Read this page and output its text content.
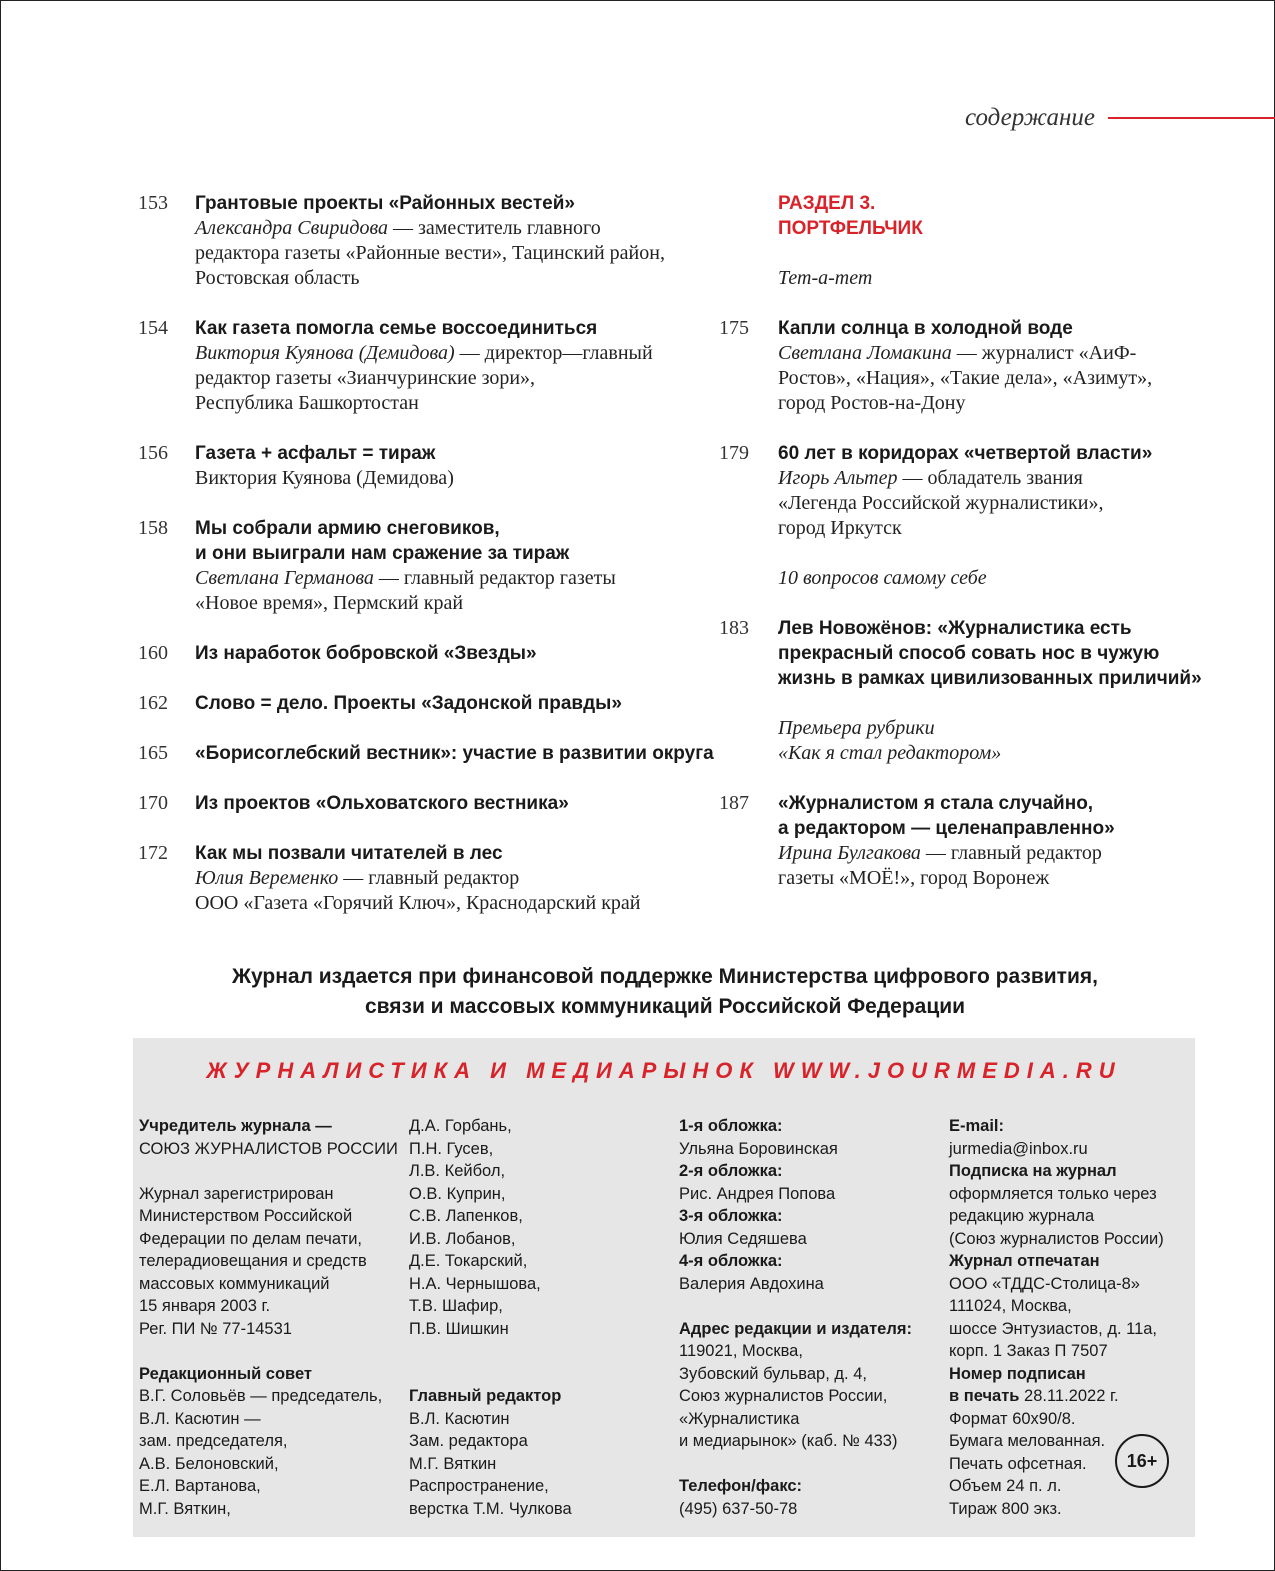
содержание
153 Грантовые проекты «Районных вестей»
Александра Свиридова — заместитель главного
редактора газеты «Районные вести», Тацинский район,
Ростовская область
154 Как газета помогла семье воссоединиться
Виктория Куянова (Демидова) — директор—главный
редактор газеты «Зианчуринские зори»,
Республика Башкортостан
156 Газета + асфальт = тираж
Виктория Куянова (Демидова)
158 Мы собрали армию снеговиков,
и они выиграли нам сражение за тираж
Светлана Германова — главный редактор газеты
«Новое время», Пермский край
160 Из наработок бобровской «Звезды»
162 Слово = дело. Проекты «Задонской правды»
165 «Борисоглебский вестник»: участие в развитии округа
170 Из проектов «Ольховатского вестника»
172 Как мы позвали читателей в лес
Юлия Веременко — главный редактор
ООО «Газета «Горячий Ключ», Краснодарский край
РАЗДЕЛ 3.
ПОРТФЕЛЬЧИК
Тет-а-тет
10 вопросов самому себе
Премьера рубрики
«Как я стал редактором»
175 Капли солнца в холодной воде
Светлана Ломакина — журналист «АиФ-
Ростов», «Нация», «Такие дела», «Азимут»,
город Ростов-на-Дону
179 60 лет в коридорах «четвертой власти»
Игорь Альтер — обладатель звания
«Легенда Российской журналистики»,
город Иркутск
183 Лев Новожёнов: «Журналистика есть
прекрасный способ совать нос в чужую
жизнь в рамках цивилизованных приличий»
187 «Журналистом я стала случайно,
а редактором — целенаправленно»
Ирина Булгакова — главный редактор
газеты «МОЁ!», город Воронеж
Журнал издается при финансовой поддержке Министерства цифрового развития,
связи и массовых коммуникаций Российской Федерации
ЖУРНАЛИСТИКА И МЕДИАРЫНОК WWW.JOURMEDIA.RU
Учредитель журнала —
СОЮЗ ЖУРНАЛИСТОВ РОССИИ
Журнал зарегистрирован
Министерством Российской
Федерации по делам печати,
телерадиовещания и средств
массовых коммуникаций
15 января 2003 г.
Рег. ПИ № 77-14531
Редакционный совет
В.Г. Соловьёв — председатель,
В.Л. Касютин —
зам. председателя,
А.В. Белоновский,
Е.Л. Вартанова,
М.Г. Вяткин,
Д.А. Горбань,
П.Н. Гусев,
Л.В. Кейбол,
О.В. Куприн,
С.В. Лапенков,
И.В. Лобанов,
Д.Е. Токарский,
Н.А. Чернышова,
Т.В. Шафир,
П.В. Шишкин
Главный редактор
В.Л. Касютин
Зам. редактора
М.Г. Вяткин
Распространение,
верстка Т.М. Чулкова
1-я обложка:
Ульяна Боровинская
2-я обложка:
Рис. Андрея Попова
3-я обложка:
Юлия Седяшева
4-я обложка:
Валерия Авдохина
Адрес редакции и издателя:
119021, Москва,
Зубовский бульвар, д. 4,
Союз журналистов России,
«Журналистика
и медиарынок» (каб. № 433)
Телефон/факс:
(495) 637-50-78
E-mail:
jurmedia@inbox.ru
Подписка на журнал
оформляется только через
редакцию журнала
(Союз журналистов России)
Журнал отпечатан
ООО «ТДДС-Столица-8»
111024, Москва,
шоссе Энтузиастов, д. 11а,
корп. 1 Заказ П 7507
Номер подписан
в печать 28.11.2022 г.
Формат 60х90/8.
Бумага мелованная.
Печать офсетная.
Объем 24 п. л.
Тираж 800 экз.
16+
